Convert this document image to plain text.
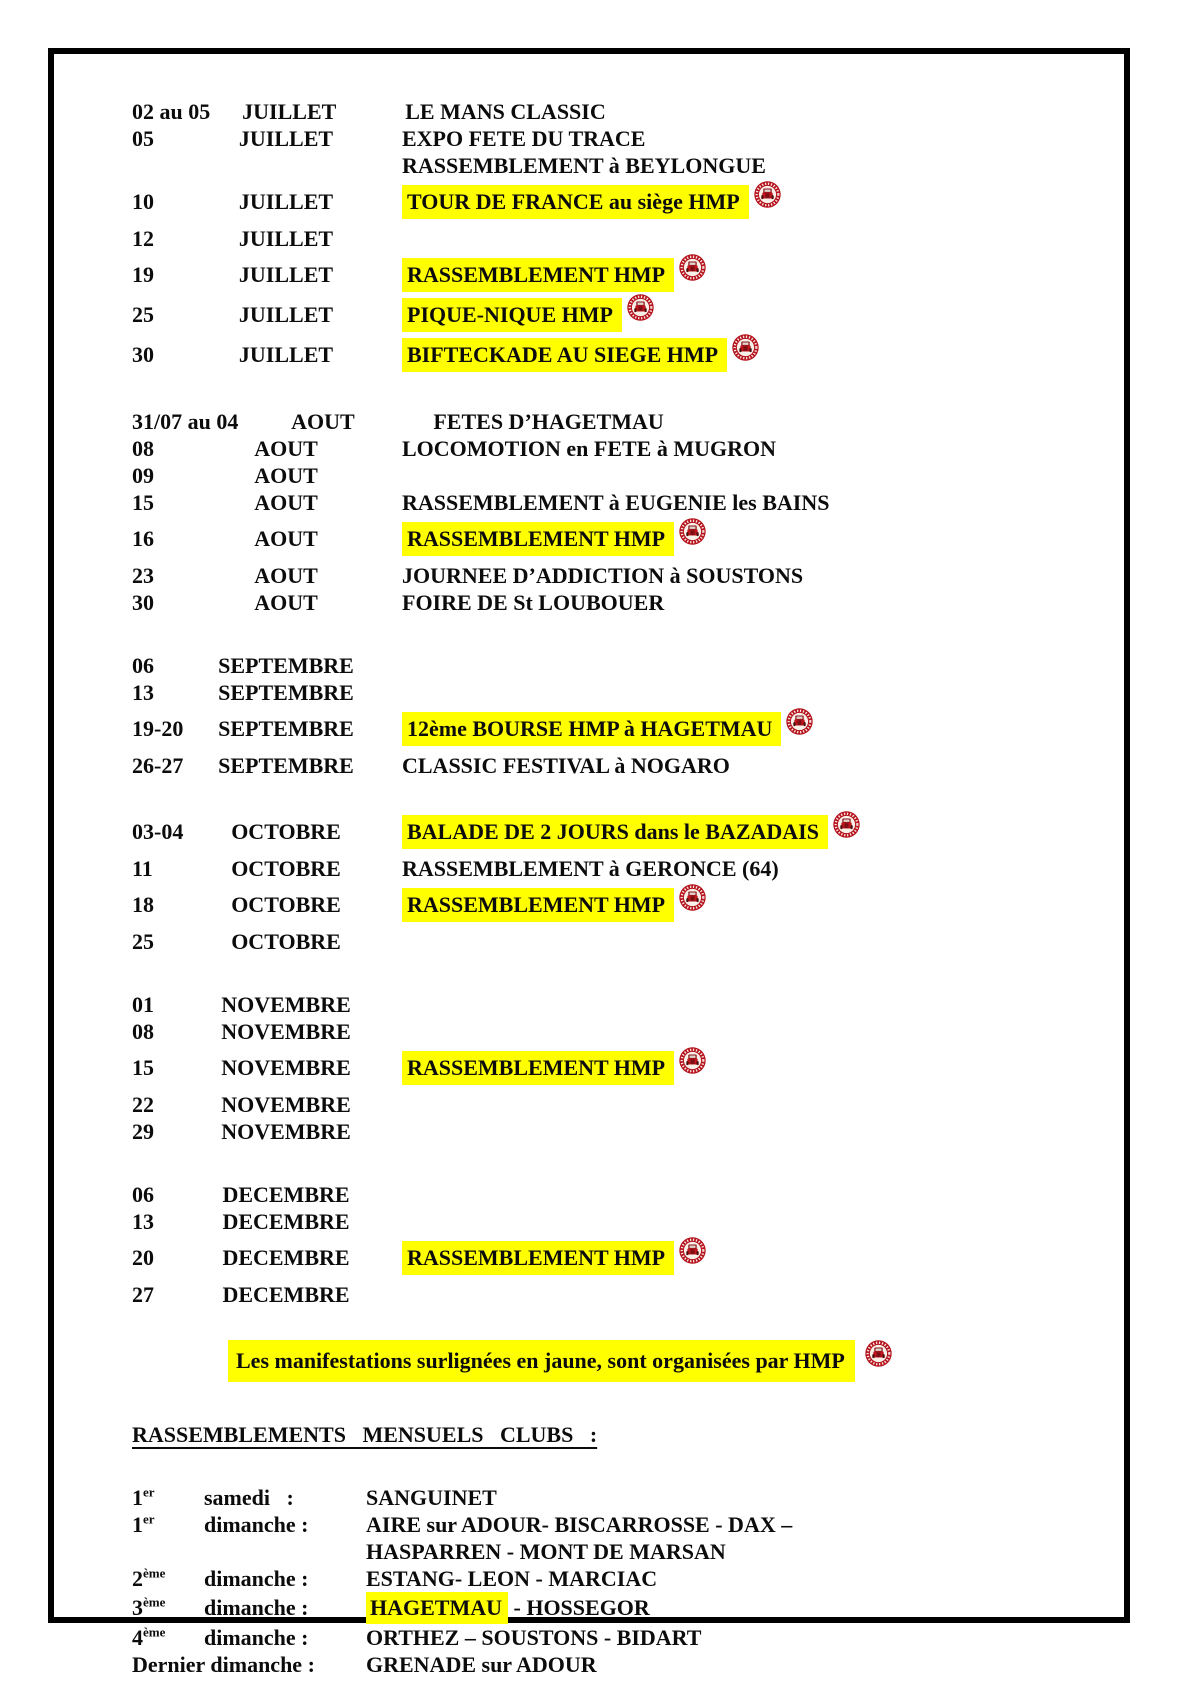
02 au 05	JUILLET	LE MANS CLASSIC
05	JUILLET	EXPO FETE DU TRACE
RASSEMBLEMENT à BEYLONGUE
10	JUILLET	TOUR DE FRANCE au siège HMP
12	JUILLET
19	JUILLET	RASSEMBLEMENT HMP
25	JUILLET	PIQUE-NIQUE HMP
30	JUILLET	BIFTECKADE AU SIEGE HMP
31/07 au 04	AOUT	FETES D’HAGETMAU
08	AOUT	LOCOMOTION en FETE à MUGRON
09	AOUT
15	AOUT	RASSEMBLEMENT à EUGENIE les BAINS
16	AOUT	RASSEMBLEMENT HMP
23	AOUT	JOURNEE D’ADDICTION à SOUSTONS
30	AOUT	FOIRE DE St LOUBOUER
06	SEPTEMBRE
13	SEPTEMBRE
19-20	SEPTEMBRE	12ème BOURSE HMP à HAGETMAU
26-27	SEPTEMBRE	CLASSIC FESTIVAL à NOGARO
03-04	OCTOBRE	BALADE DE 2 JOURS dans le BAZADAIS
11	OCTOBRE	RASSEMBLEMENT à GERONCE (64)
18	OCTOBRE	RASSEMBLEMENT HMP
25	OCTOBRE
01	NOVEMBRE
08	NOVEMBRE
15	NOVEMBRE	RASSEMBLEMENT HMP
22	NOVEMBRE
29	NOVEMBRE
06	DECEMBRE
13	DECEMBRE
20	DECEMBRE	RASSEMBLEMENT HMP
27	DECEMBRE
Les manifestations surlignées en jaune, sont organisées par HMP
RASSEMBLEMENTS   MENSUELS   CLUBS   :
1er	samedi   :	SANGUINET
1er	dimanche :	AIRE sur ADOUR- BISCARROSSE - DAX –
HASPARREN - MONT DE MARSAN
2ème	dimanche :	ESTANG- LEON - MARCIAC
3ème	dimanche :	HAGETMAU - HOSSEGOR
4ème	dimanche :	ORTHEZ – SOUSTONS - BIDART
Dernier dimanche :	GRENADE sur ADOUR
